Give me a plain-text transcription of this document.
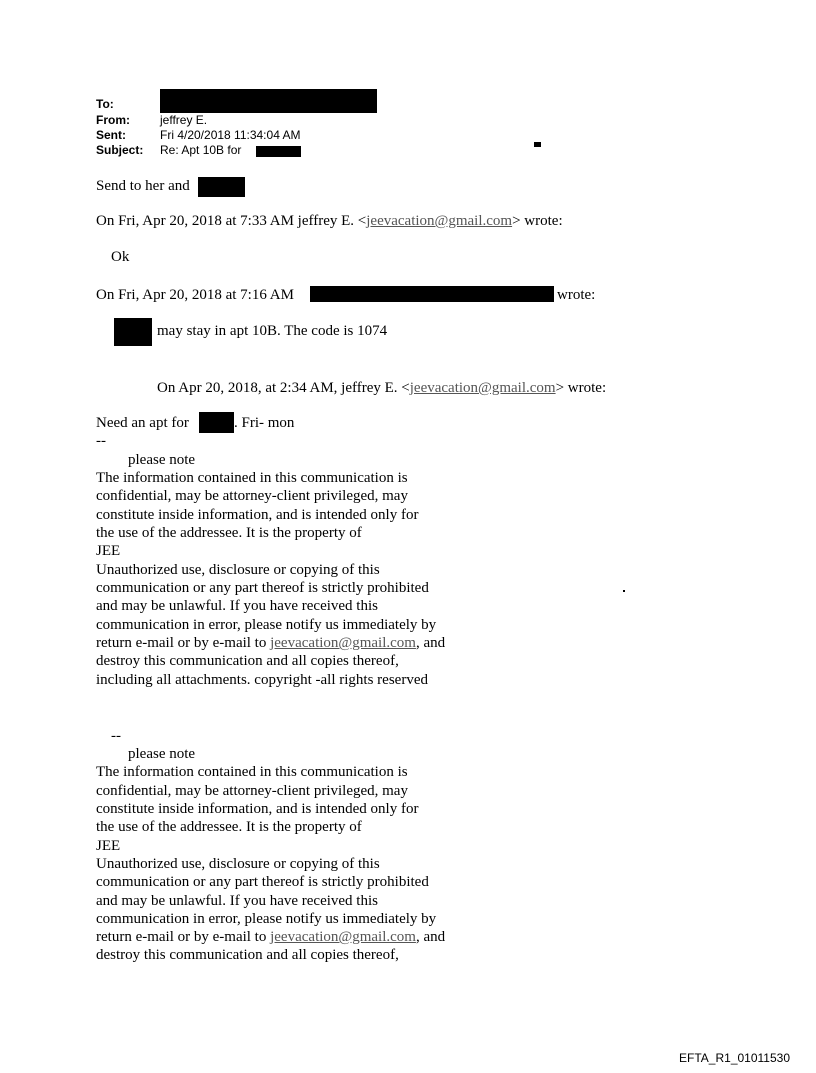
To:
From:	jeffrey E.
Sent:	Fri 4/20/2018 11:34:04 AM
Subject: Re: Apt 10B for
Send to her and
On Fri, Apr 20, 2018 at 7:33 AM jeffrey E. <jeevacation@gmail.com> wrote:
Ok
On Fri, Apr 20, 2018 at 7:16 AM	wrote:
may stay in apt 10B. The code is 1074
On Apr 20, 2018, at 2:34 AM, jeffrey E. <jeevacation@gmail.com> wrote:
Need an apt for	. Fri- mon
--
please note
The information contained in this communication is
confidential, may be attorney-client privileged, may
constitute inside information, and is intended only for
the use of the addressee. It is the property of
JEE
Unauthorized use, disclosure or copying of this
communication or any part thereof is strictly prohibited
and may be unlawful. If you have received this
communication in error, please notify us immediately by
return e-mail or by e-mail to jeevacation@gmail.com, and
destroy this communication and all copies thereof,
including all attachments. copyright -all rights reserved
--
please note
The information contained in this communication is
confidential, may be attorney-client privileged, may
constitute inside information, and is intended only for
the use of the addressee. It is the property of
JEE
Unauthorized use, disclosure or copying of this
communication or any part thereof is strictly prohibited
and may be unlawful. If you have received this
communication in error, please notify us immediately by
return e-mail or by e-mail to jeevacation@gmail.com, and
destroy this communication and all copies thereof,
EFTA_R1_01011530
